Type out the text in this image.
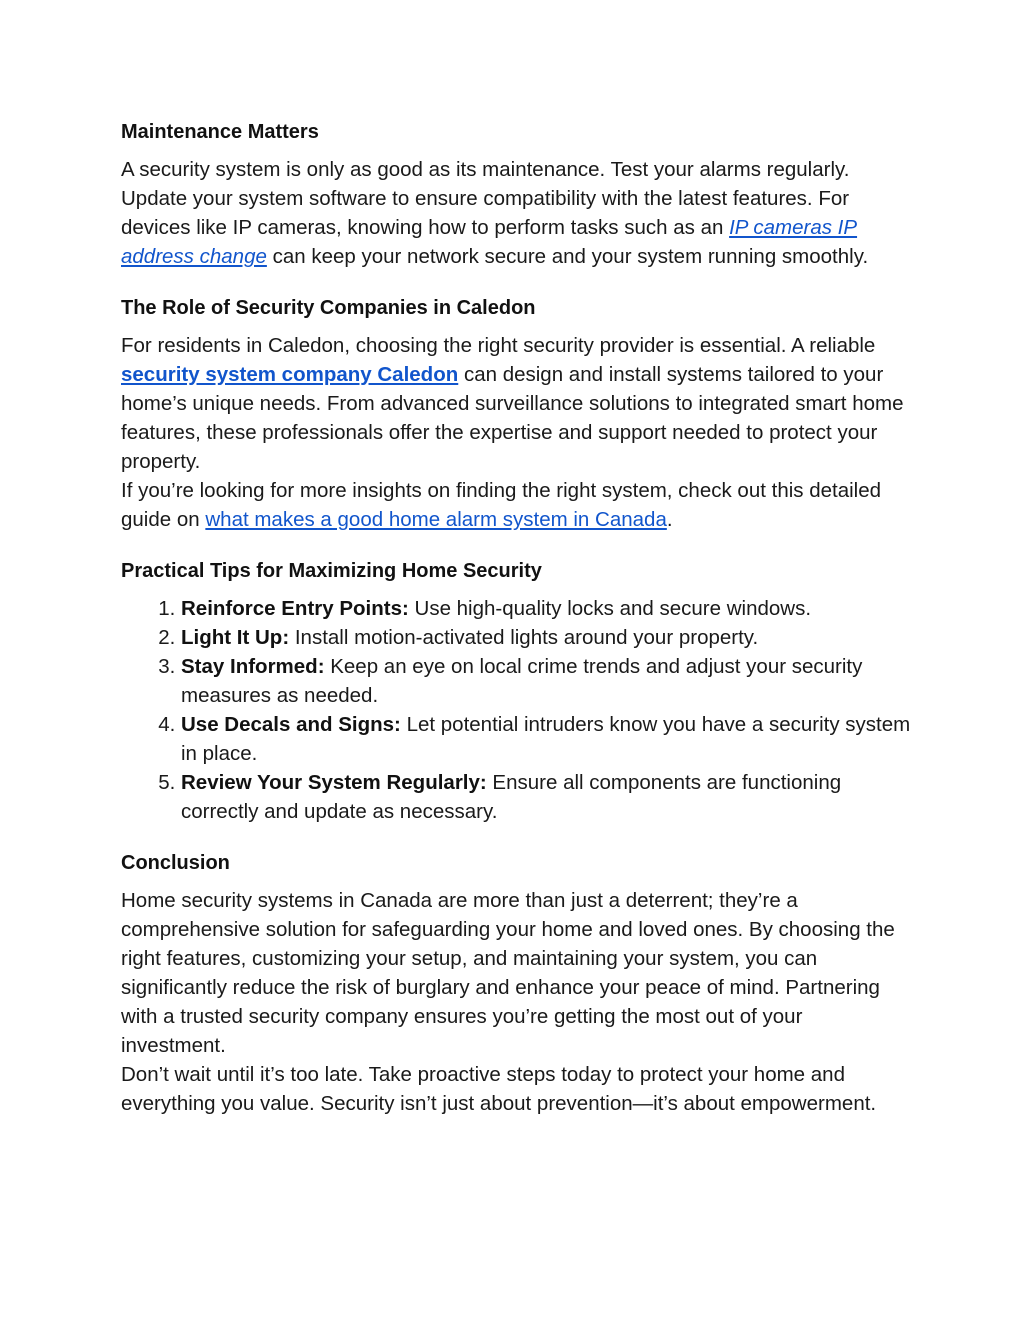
Maintenance Matters

A security system is only as good as its maintenance. Test your alarms regularly. Update your system software to ensure compatibility with the latest features. For devices like IP cameras, knowing how to perform tasks such as an IP cameras IP address change can keep your network secure and your system running smoothly.

The Role of Security Companies in Caledon

For residents in Caledon, choosing the right security provider is essential. A reliable security system company Caledon can design and install systems tailored to your home’s unique needs. From advanced surveillance solutions to integrated smart home features, these professionals offer the expertise and support needed to protect your property.

If you’re looking for more insights on finding the right system, check out this detailed guide on what makes a good home alarm system in Canada.

Practical Tips for Maximizing Home Security
1. Reinforce Entry Points: Use high-quality locks and secure windows.
2. Light It Up: Install motion-activated lights around your property.
3. Stay Informed: Keep an eye on local crime trends and adjust your security measures as needed.
4. Use Decals and Signs: Let potential intruders know you have a security system in place.
5. Review Your System Regularly: Ensure all components are functioning correctly and update as necessary.
Conclusion

Home security systems in Canada are more than just a deterrent; they’re a comprehensive solution for safeguarding your home and loved ones. By choosing the right features, customizing your setup, and maintaining your system, you can significantly reduce the risk of burglary and enhance your peace of mind. Partnering with a trusted security company ensures you’re getting the most out of your investment.

Don’t wait until it’s too late. Take proactive steps today to protect your home and everything you value. Security isn’t just about prevention—it’s about empowerment.
